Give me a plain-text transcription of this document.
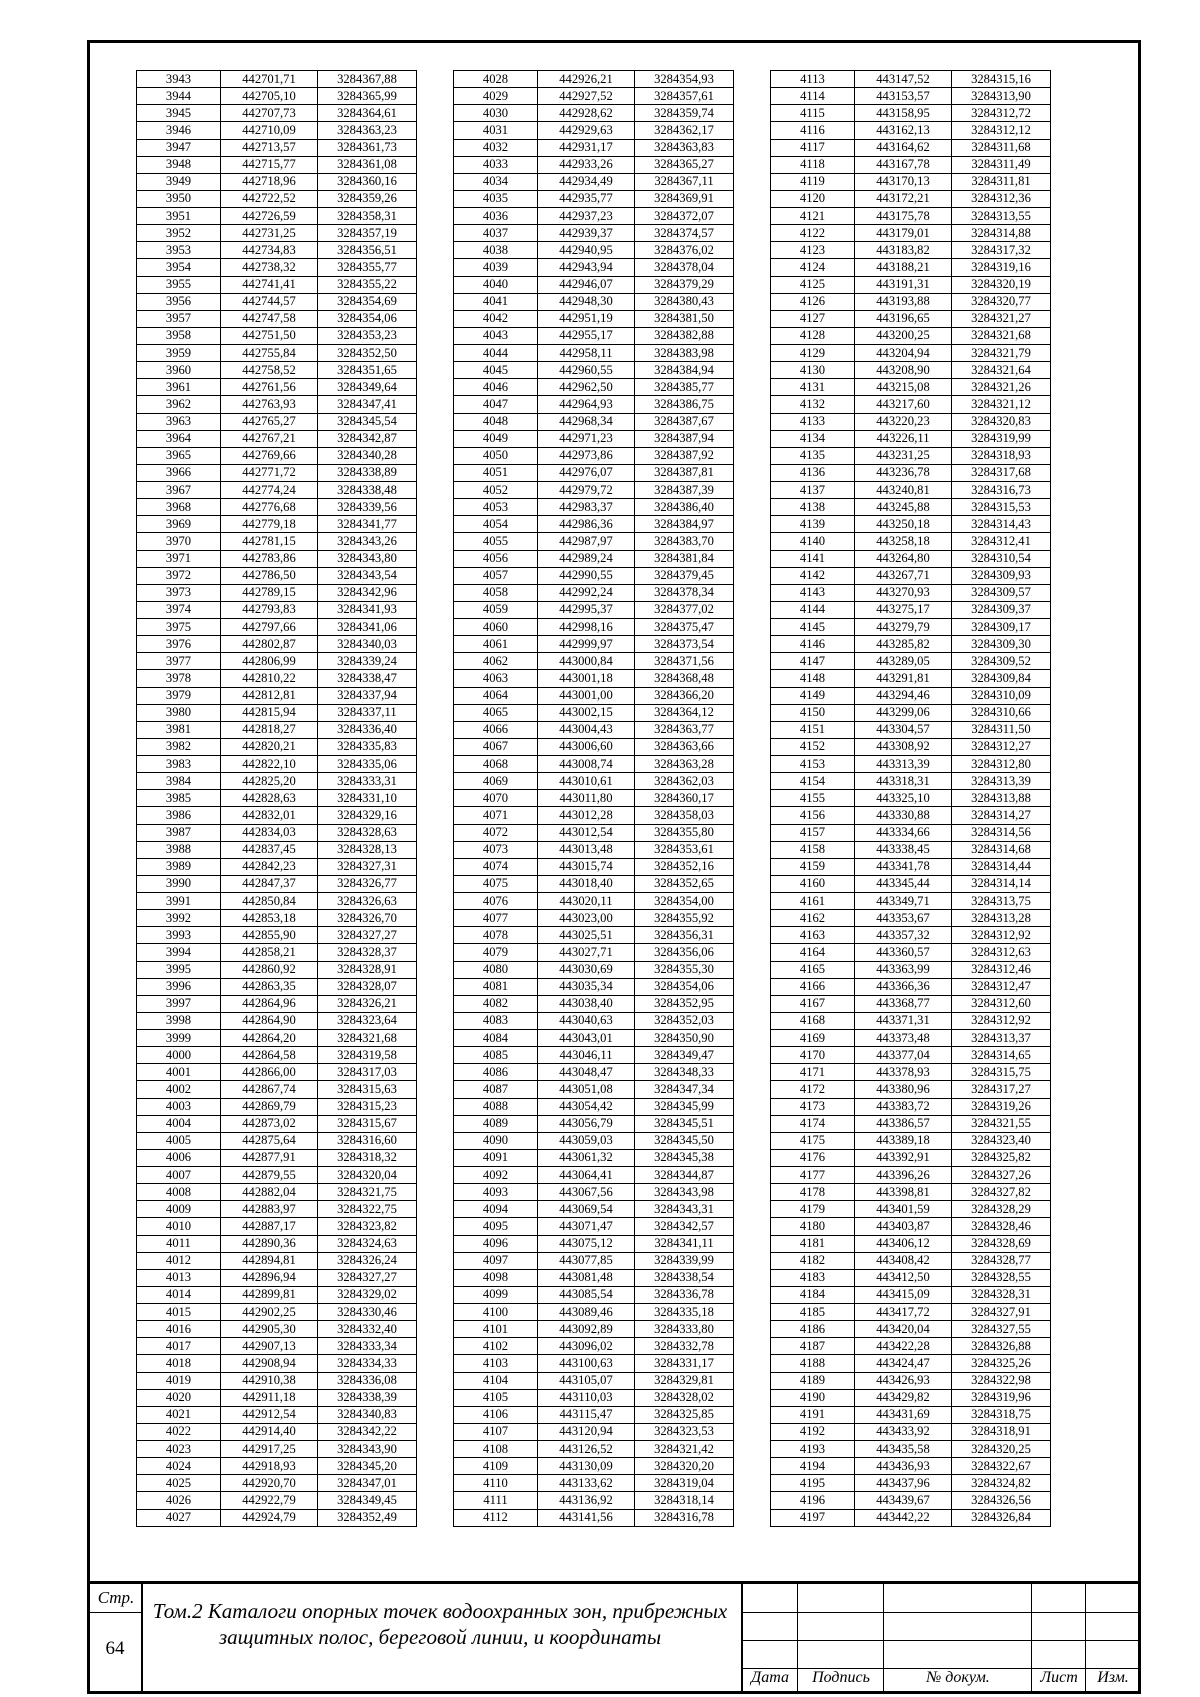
3943	442701,71	3284367,88
3944	442705,10	3284365,99
3945	442707,73	3284364,61
3946	442710,09	3284363,23
3947	442713,57	3284361,73
3948	442715,77	3284361,08
3949	442718,96	3284360,16
3950	442722,52	3284359,26
3951	442726,59	3284358,31
3952	442731,25	3284357,19
3953	442734,83	3284356,51
3954	442738,32	3284355,77
3955	442741,41	3284355,22
3956	442744,57	3284354,69
3957	442747,58	3284354,06
3958	442751,50	3284353,23
3959	442755,84	3284352,50
3960	442758,52	3284351,65
3961	442761,56	3284349,64
3962	442763,93	3284347,41
3963	442765,27	3284345,54
3964	442767,21	3284342,87
3965	442769,66	3284340,28
3966	442771,72	3284338,89
3967	442774,24	3284338,48
3968	442776,68	3284339,56
3969	442779,18	3284341,77
3970	442781,15	3284343,26
3971	442783,86	3284343,80
3972	442786,50	3284343,54
3973	442789,15	3284342,96
3974	442793,83	3284341,93
3975	442797,66	3284341,06
3976	442802,87	3284340,03
3977	442806,99	3284339,24
3978	442810,22	3284338,47
3979	442812,81	3284337,94
3980	442815,94	3284337,11
3981	442818,27	3284336,40
3982	442820,21	3284335,83
3983	442822,10	3284335,06
3984	442825,20	3284333,31
3985	442828,63	3284331,10
3986	442832,01	3284329,16
3987	442834,03	3284328,63
3988	442837,45	3284328,13
3989	442842,23	3284327,31
3990	442847,37	3284326,77
3991	442850,84	3284326,63
3992	442853,18	3284326,70
3993	442855,90	3284327,27
3994	442858,21	3284328,37
3995	442860,92	3284328,91
3996	442863,35	3284328,07
3997	442864,96	3284326,21
3998	442864,90	3284323,64
3999	442864,20	3284321,68
4000	442864,58	3284319,58
4001	442866,00	3284317,03
4002	442867,74	3284315,63
4003	442869,79	3284315,23
4004	442873,02	3284315,67
4005	442875,64	3284316,60
4006	442877,91	3284318,32
4007	442879,55	3284320,04
4008	442882,04	3284321,75
4009	442883,97	3284322,75
4010	442887,17	3284323,82
4011	442890,36	3284324,63
4012	442894,81	3284326,24
4013	442896,94	3284327,27
4014	442899,81	3284329,02
4015	442902,25	3284330,46
4016	442905,30	3284332,40
4017	442907,13	3284333,34
4018	442908,94	3284334,33
4019	442910,38	3284336,08
4020	442911,18	3284338,39
4021	442912,54	3284340,83
4022	442914,40	3284342,22
4023	442917,25	3284343,90
4024	442918,93	3284345,20
4025	442920,70	3284347,01
4026	442922,79	3284349,45
4027	442924,79	3284352,49
4028	442926,21	3284354,93
4029	442927,52	3284357,61
4030	442928,62	3284359,74
4031	442929,63	3284362,17
4032	442931,17	3284363,83
4033	442933,26	3284365,27
4034	442934,49	3284367,11
4035	442935,77	3284369,91
4036	442937,23	3284372,07
4037	442939,37	3284374,57
4038	442940,95	3284376,02
4039	442943,94	3284378,04
4040	442946,07	3284379,29
4041	442948,30	3284380,43
4042	442951,19	3284381,50
4043	442955,17	3284382,88
4044	442958,11	3284383,98
4045	442960,55	3284384,94
4046	442962,50	3284385,77
4047	442964,93	3284386,75
4048	442968,34	3284387,67
4049	442971,23	3284387,94
4050	442973,86	3284387,92
4051	442976,07	3284387,81
4052	442979,72	3284387,39
4053	442983,37	3284386,40
4054	442986,36	3284384,97
4055	442987,97	3284383,70
4056	442989,24	3284381,84
4057	442990,55	3284379,45
4058	442992,24	3284378,34
4059	442995,37	3284377,02
4060	442998,16	3284375,47
4061	442999,97	3284373,54
4062	443000,84	3284371,56
4063	443001,18	3284368,48
4064	443001,00	3284366,20
4065	443002,15	3284364,12
4066	443004,43	3284363,77
4067	443006,60	3284363,66
4068	443008,74	3284363,28
4069	443010,61	3284362,03
4070	443011,80	3284360,17
4071	443012,28	3284358,03
4072	443012,54	3284355,80
4073	443013,48	3284353,61
4074	443015,74	3284352,16
4075	443018,40	3284352,65
4076	443020,11	3284354,00
4077	443023,00	3284355,92
4078	443025,51	3284356,31
4079	443027,71	3284356,06
4080	443030,69	3284355,30
4081	443035,34	3284354,06
4082	443038,40	3284352,95
4083	443040,63	3284352,03
4084	443043,01	3284350,90
4085	443046,11	3284349,47
4086	443048,47	3284348,33
4087	443051,08	3284347,34
4088	443054,42	3284345,99
4089	443056,79	3284345,51
4090	443059,03	3284345,50
4091	443061,32	3284345,38
4092	443064,41	3284344,87
4093	443067,56	3284343,98
4094	443069,54	3284343,31
4095	443071,47	3284342,57
4096	443075,12	3284341,11
4097	443077,85	3284339,99
4098	443081,48	3284338,54
4099	443085,54	3284336,78
4100	443089,46	3284335,18
4101	443092,89	3284333,80
4102	443096,02	3284332,78
4103	443100,63	3284331,17
4104	443105,07	3284329,81
4105	443110,03	3284328,02
4106	443115,47	3284325,85
4107	443120,94	3284323,53
4108	443126,52	3284321,42
4109	443130,09	3284320,20
4110	443133,62	3284319,04
4111	443136,92	3284318,14
4112	443141,56	3284316,78
4113	443147,52	3284315,16
4114	443153,57	3284313,90
4115	443158,95	3284312,72
4116	443162,13	3284312,12
4117	443164,62	3284311,68
4118	443167,78	3284311,49
4119	443170,13	3284311,81
4120	443172,21	3284312,36
4121	443175,78	3284313,55
4122	443179,01	3284314,88
4123	443183,82	3284317,32
4124	443188,21	3284319,16
4125	443191,31	3284320,19
4126	443193,88	3284320,77
4127	443196,65	3284321,27
4128	443200,25	3284321,68
4129	443204,94	3284321,79
4130	443208,90	3284321,64
4131	443215,08	3284321,26
4132	443217,60	3284321,12
4133	443220,23	3284320,83
4134	443226,11	3284319,99
4135	443231,25	3284318,93
4136	443236,78	3284317,68
4137	443240,81	3284316,73
4138	443245,88	3284315,53
4139	443250,18	3284314,43
4140	443258,18	3284312,41
4141	443264,80	3284310,54
4142	443267,71	3284309,93
4143	443270,93	3284309,57
4144	443275,17	3284309,37
4145	443279,79	3284309,17
4146	443285,82	3284309,30
4147	443289,05	3284309,52
4148	443291,81	3284309,84
4149	443294,46	3284310,09
4150	443299,06	3284310,66
4151	443304,57	3284311,50
4152	443308,92	3284312,27
4153	443313,39	3284312,80
4154	443318,31	3284313,39
4155	443325,10	3284313,88
4156	443330,88	3284314,27
4157	443334,66	3284314,56
4158	443338,45	3284314,68
4159	443341,78	3284314,44
4160	443345,44	3284314,14
4161	443349,71	3284313,75
4162	443353,67	3284313,28
4163	443357,32	3284312,92
4164	443360,57	3284312,63
4165	443363,99	3284312,46
4166	443366,36	3284312,47
4167	443368,77	3284312,60
4168	443371,31	3284312,92
4169	443373,48	3284313,37
4170	443377,04	3284314,65
4171	443378,93	3284315,75
4172	443380,96	3284317,27
4173	443383,72	3284319,26
4174	443386,57	3284321,55
4175	443389,18	3284323,40
4176	443392,91	3284325,82
4177	443396,26	3284327,26
4178	443398,81	3284327,82
4179	443401,59	3284328,29
4180	443403,87	3284328,46
4181	443406,12	3284328,69
4182	443408,42	3284328,77
4183	443412,50	3284328,55
4184	443415,09	3284328,31
4185	443417,72	3284327,91
4186	443420,04	3284327,55
4187	443422,28	3284326,88
4188	443424,47	3284325,26
4189	443426,93	3284322,98
4190	443429,82	3284319,96
4191	443431,69	3284318,75
4192	443433,92	3284318,91
4193	443435,58	3284320,25
4194	443436,93	3284322,67
4195	443437,96	3284324,82
4196	443439,67	3284326,56
4197	443442,22	3284326,84
Стр.
64
Том.2 Каталоги опорных точек водоохранных зон, прибрежных защитных полос, береговой линии, и координаты
Дата	Подпись	№ докум.	Лист	Изм.
